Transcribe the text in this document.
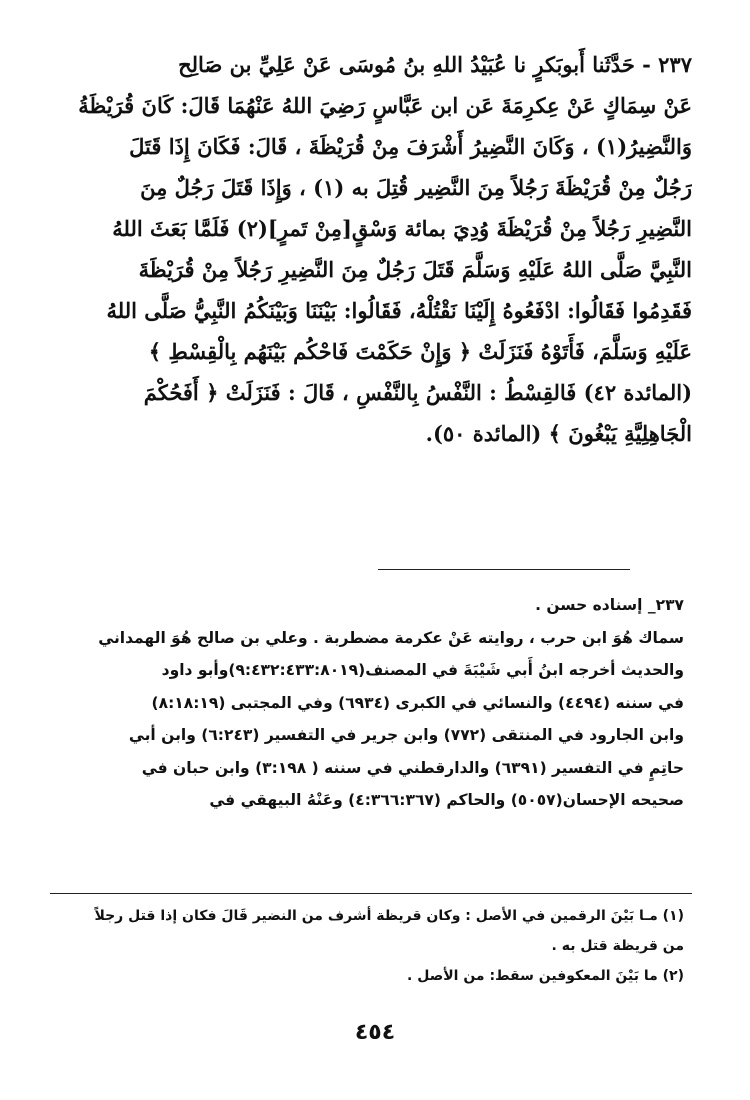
٢٣٧ - حَدَّثَنا أَبوبَكرٍ نا عُبَيْدُ اللهِ بنُ مُوسَى عَنْ عَلِيِّ بن صَالِح
عَنْ سِمَاكٍ عَنْ عِكرِمَةَ عَن ابن عَبَّاسٍ رَضِيَ اللهُ عَنْهُمَا قَالَ: كَانَ قُرَيْظَةُ
وَالنَّضِيرُ(١) ، وَكَانَ النَّضِيرُ أَشْرَفَ مِنْ قُرَيْظَةَ ، قَالَ: فَكَانَ إِذَا قَتَلَ
رَجُلٌ مِنْ قُرَيْظَةَ رَجُلاً مِنَ النَّضِير قُتِلَ به (١) ، وَإِذَا قَتَلَ رَجُلٌ مِنَ
النَّضِيرِ رَجُلاً مِنْ قُرَيْظَةَ وُدِيَ بمائة وَسْقٍ[مِنْ تَمرٍ](٢) فَلَمَّا بَعَثَ اللهُ
النَّبِيَّ صَلَّى اللهُ عَلَيْهِ وَسَلَّمَ قَتَلَ رَجُلٌ مِنَ النَّضِيرِ رَجُلاً مِنْ قُرَيْظَةَ
فَقَدِمُوا فَقَالُوا: ادْفَعُوهُ إِلَيْنَا نَقْتُلْهُ، فَقَالُوا: بَيْنَنَا وَبَيْنَكُمُ النَّبِيُّ صَلَّى اللهُ
عَلَيْهِ وَسَلَّمَ، فَأَتَوْهُ فَنَزَلَتْ ﴿ وَإِنْ حَكَمْتَ فَاحْكُم بَيْنَهُم بِالْقِسْطِ ﴾
(المائدة ٤٢) فَالقِسْطُ : النَّفْسُ بِالنَّفْسِ ، قَالَ : فَنَزَلَتْ ﴿ أَفَحُكْمَ
الْجَاهِلِيَّةِ يَبْغُونَ ﴾ (المائدة ٥٠).
٢٣٧_ إسناده حسن .
سماك هُوَ ابن حرب ، روايته عَنْ عكرمة مضطربة . وعلي بن صالح هُوَ الهمداني
والحديث أخرجه ابنُ أَبي شَيْبَةَ في المصنف(٩:٤٣٢:٤٣٣:٨٠١٩)وأبو داود
في سننه (٤٤٩٤) والنسائي في الكبرى (٦٩٣٤) وفي المجتبى (٨:١٨:١٩)
وابن الجارود في المنتقى (٧٧٢) وابن جرير في التفسير (٦:٢٤٣) وابن أبي
حاتِمٍ في التفسير (٦٣٩١) والدارقطني في سننه ( ٣:١٩٨) وابن حبان في
صحيحه الإحسان(٥٠٥٧) والحاكم (٤:٣٦٦:٣٦٧) وعَنْهُ البيهقي في
(١) مـا بَيْنَ الرقمين في الأصل : وكان قريظة أشرف من النضير قَالَ فكان إذا قتل رجلاً
من قريظة قتل به .
(٢) ما بَيْنَ المعكوفين سقط: من الأصل .
٤٥٤
